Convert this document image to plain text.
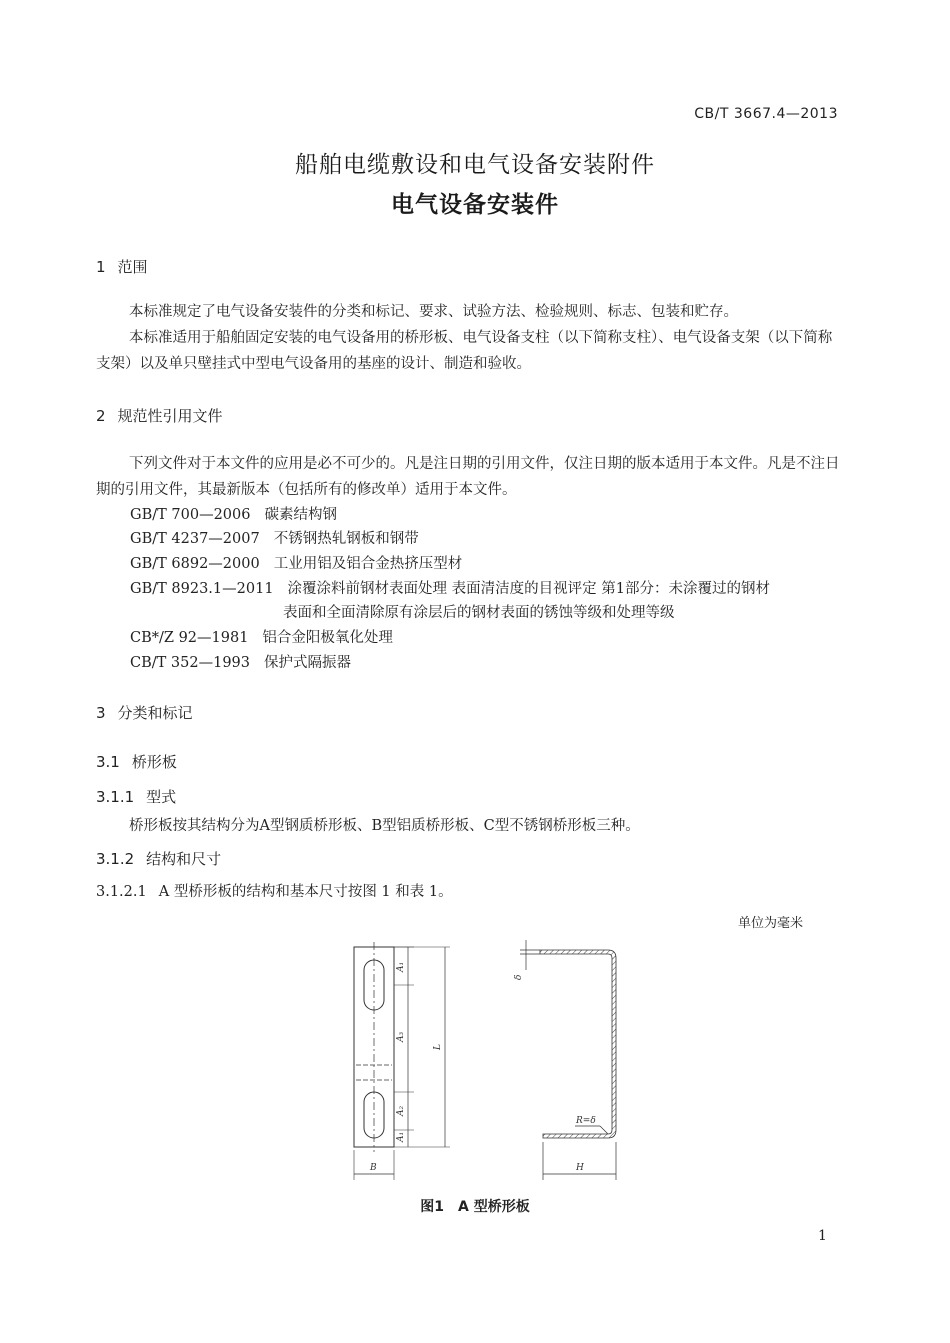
CB/T 3667.4—2013
船舶电缆敷设和电气设备安装附件
电气设备安装件
1 范围
本标准规定了电气设备安装件的分类和标记、要求、试验方法、检验规则、标志、包装和贮存。
本标准适用于船舶固定安装的电气设备用的桥形板、电气设备支柱（以下简称支柱）、电气设备支架（以下简称支架）以及单只壁挂式中型电气设备用的基座的设计、制造和验收。
2 规范性引用文件
下列文件对于本文件的应用是必不可少的。凡是注日期的引用文件，仅注日期的版本适用于本文件。凡是不注日期的引用文件，其最新版本（包括所有的修改单）适用于本文件。
GB/T 700—2006 碳素结构钢
GB/T 4237—2007 不锈钢热轧钢板和钢带
GB/T 6892—2000 工业用铝及铝合金热挤压型材
GB/T 8923.1—2011 涂覆涂料前钢材表面处理 表面清洁度的目视评定 第1部分：未涂覆过的钢材
表面和全面清除原有涂层后的钢材表面的锈蚀等级和处理等级
CB*/Z 92—1981 铝合金阳极氧化处理
CB/T 352—1993 保护式隔振器
3 分类和标记
3.1 桥形板
3.1.1 型式
桥形板按其结构分为A型钢质桥形板、B型铝质桥形板、C型不锈钢桥形板三种。
3.1.2 结构和尺寸
3.1.2.1 A 型桥形板的结构和基本尺寸按图 1 和表 1。
单位为毫米
A₁
A₃
A₂
A₁
L
B
δ
R=δ
H
图1 A 型桥形板
1
